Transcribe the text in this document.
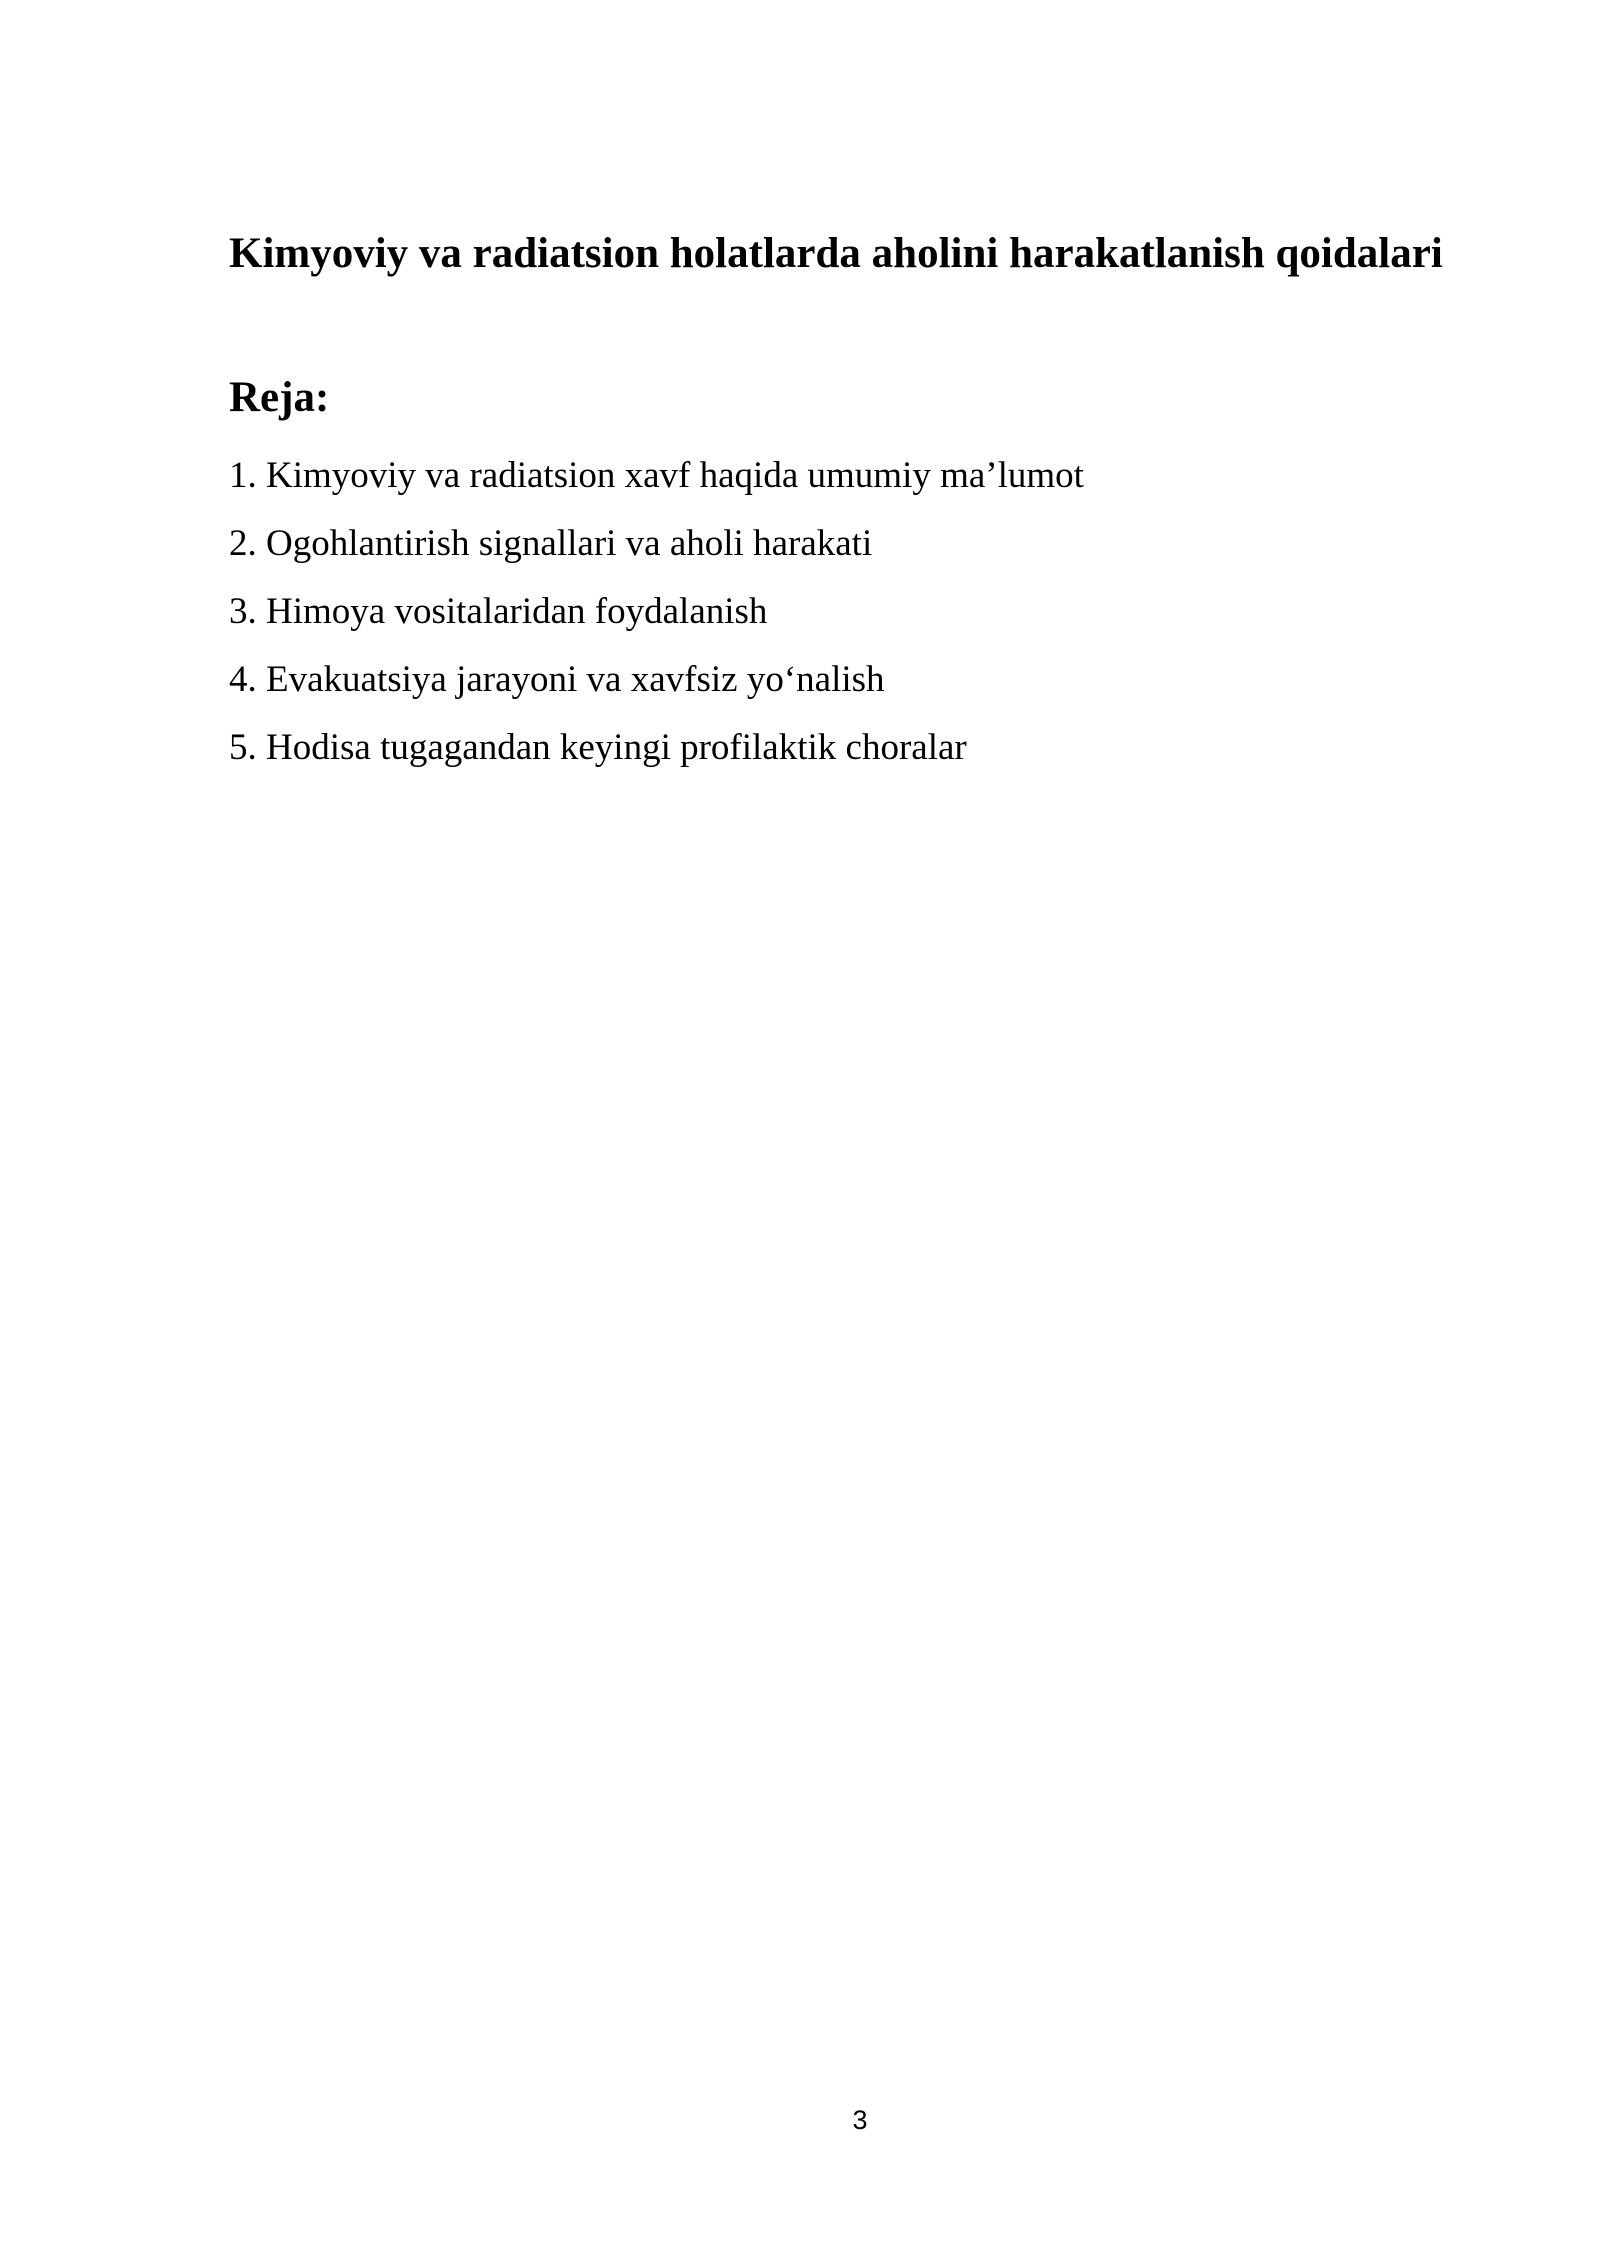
Kimyoviy va radiatsion holatlarda aholini harakatlanish qoidalari
Reja:
1. Kimyoviy va radiatsion xavf haqida umumiy ma’lumot
2. Ogohlantirish signallari va aholi harakati
3. Himoya vositalaridan foydalanish
4. Evakuatsiya jarayoni va xavfsiz yo‘nalish
5. Hodisa tugagandan keyingi profilaktik choralar
3
